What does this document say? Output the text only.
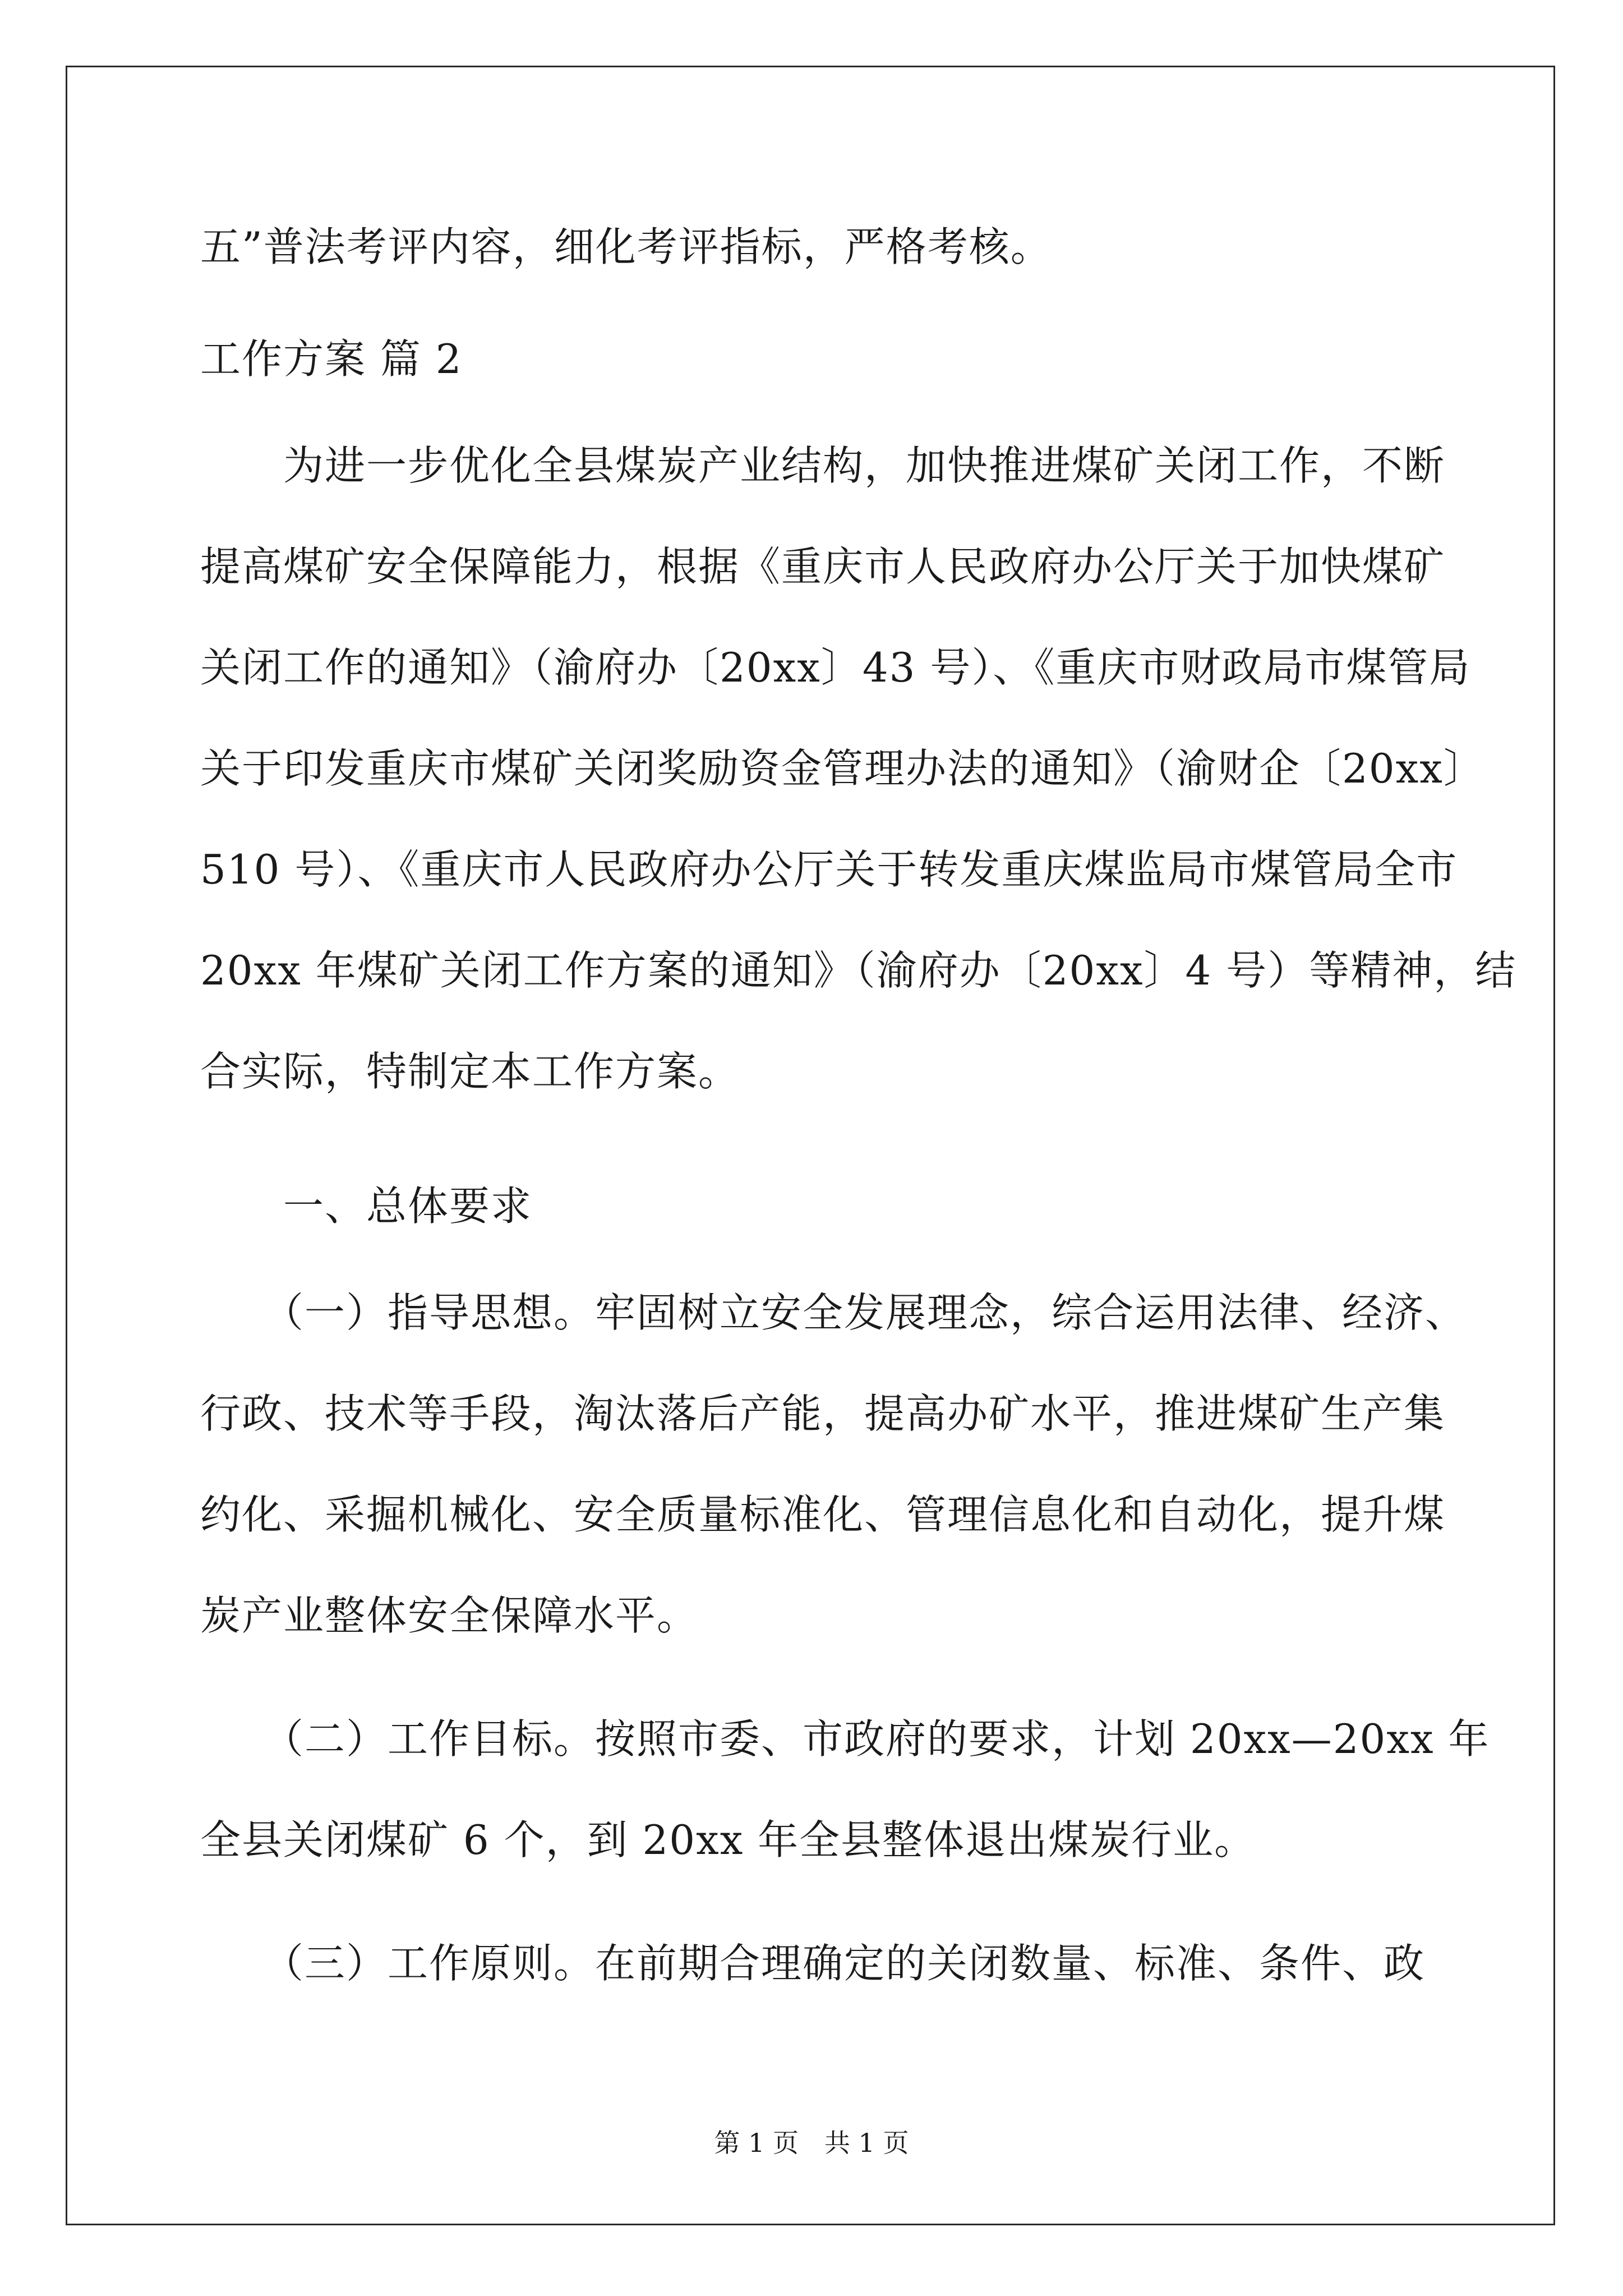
五”普法考评内容，细化考评指标，严格考核。
工作方案 篇 2
　　为进一步优化全县煤炭产业结构，加快推进煤矿关闭工作，不断
提高煤矿安全保障能力，根据《重庆市人民政府办公厅关于加快煤矿
关闭工作的通知》（渝府办〔20xx〕43 号）、《重庆市财政局市煤管局
关于印发重庆市煤矿关闭奖励资金管理办法的通知》（渝财企〔20xx〕
510 号）、《重庆市人民政府办公厅关于转发重庆煤监局市煤管局全市
20xx 年煤矿关闭工作方案的通知》（渝府办〔20xx〕4 号）等精神，结
合实际，特制定本工作方案。
　　一、总体要求
　　（一）指导思想。牢固树立安全发展理念，综合运用法律、经济、
行政、技术等手段，淘汰落后产能，提高办矿水平，推进煤矿生产集
约化、采掘机械化、安全质量标准化、管理信息化和自动化，提升煤
炭产业整体安全保障水平。
　　（二）工作目标。按照市委、市政府的要求，计划 20xx—20xx 年
全县关闭煤矿 6 个，到 20xx 年全县整体退出煤炭行业。
　　（三）工作原则。在前期合理确定的关闭数量、标准、条件、政
第 1 页　共 1 页
